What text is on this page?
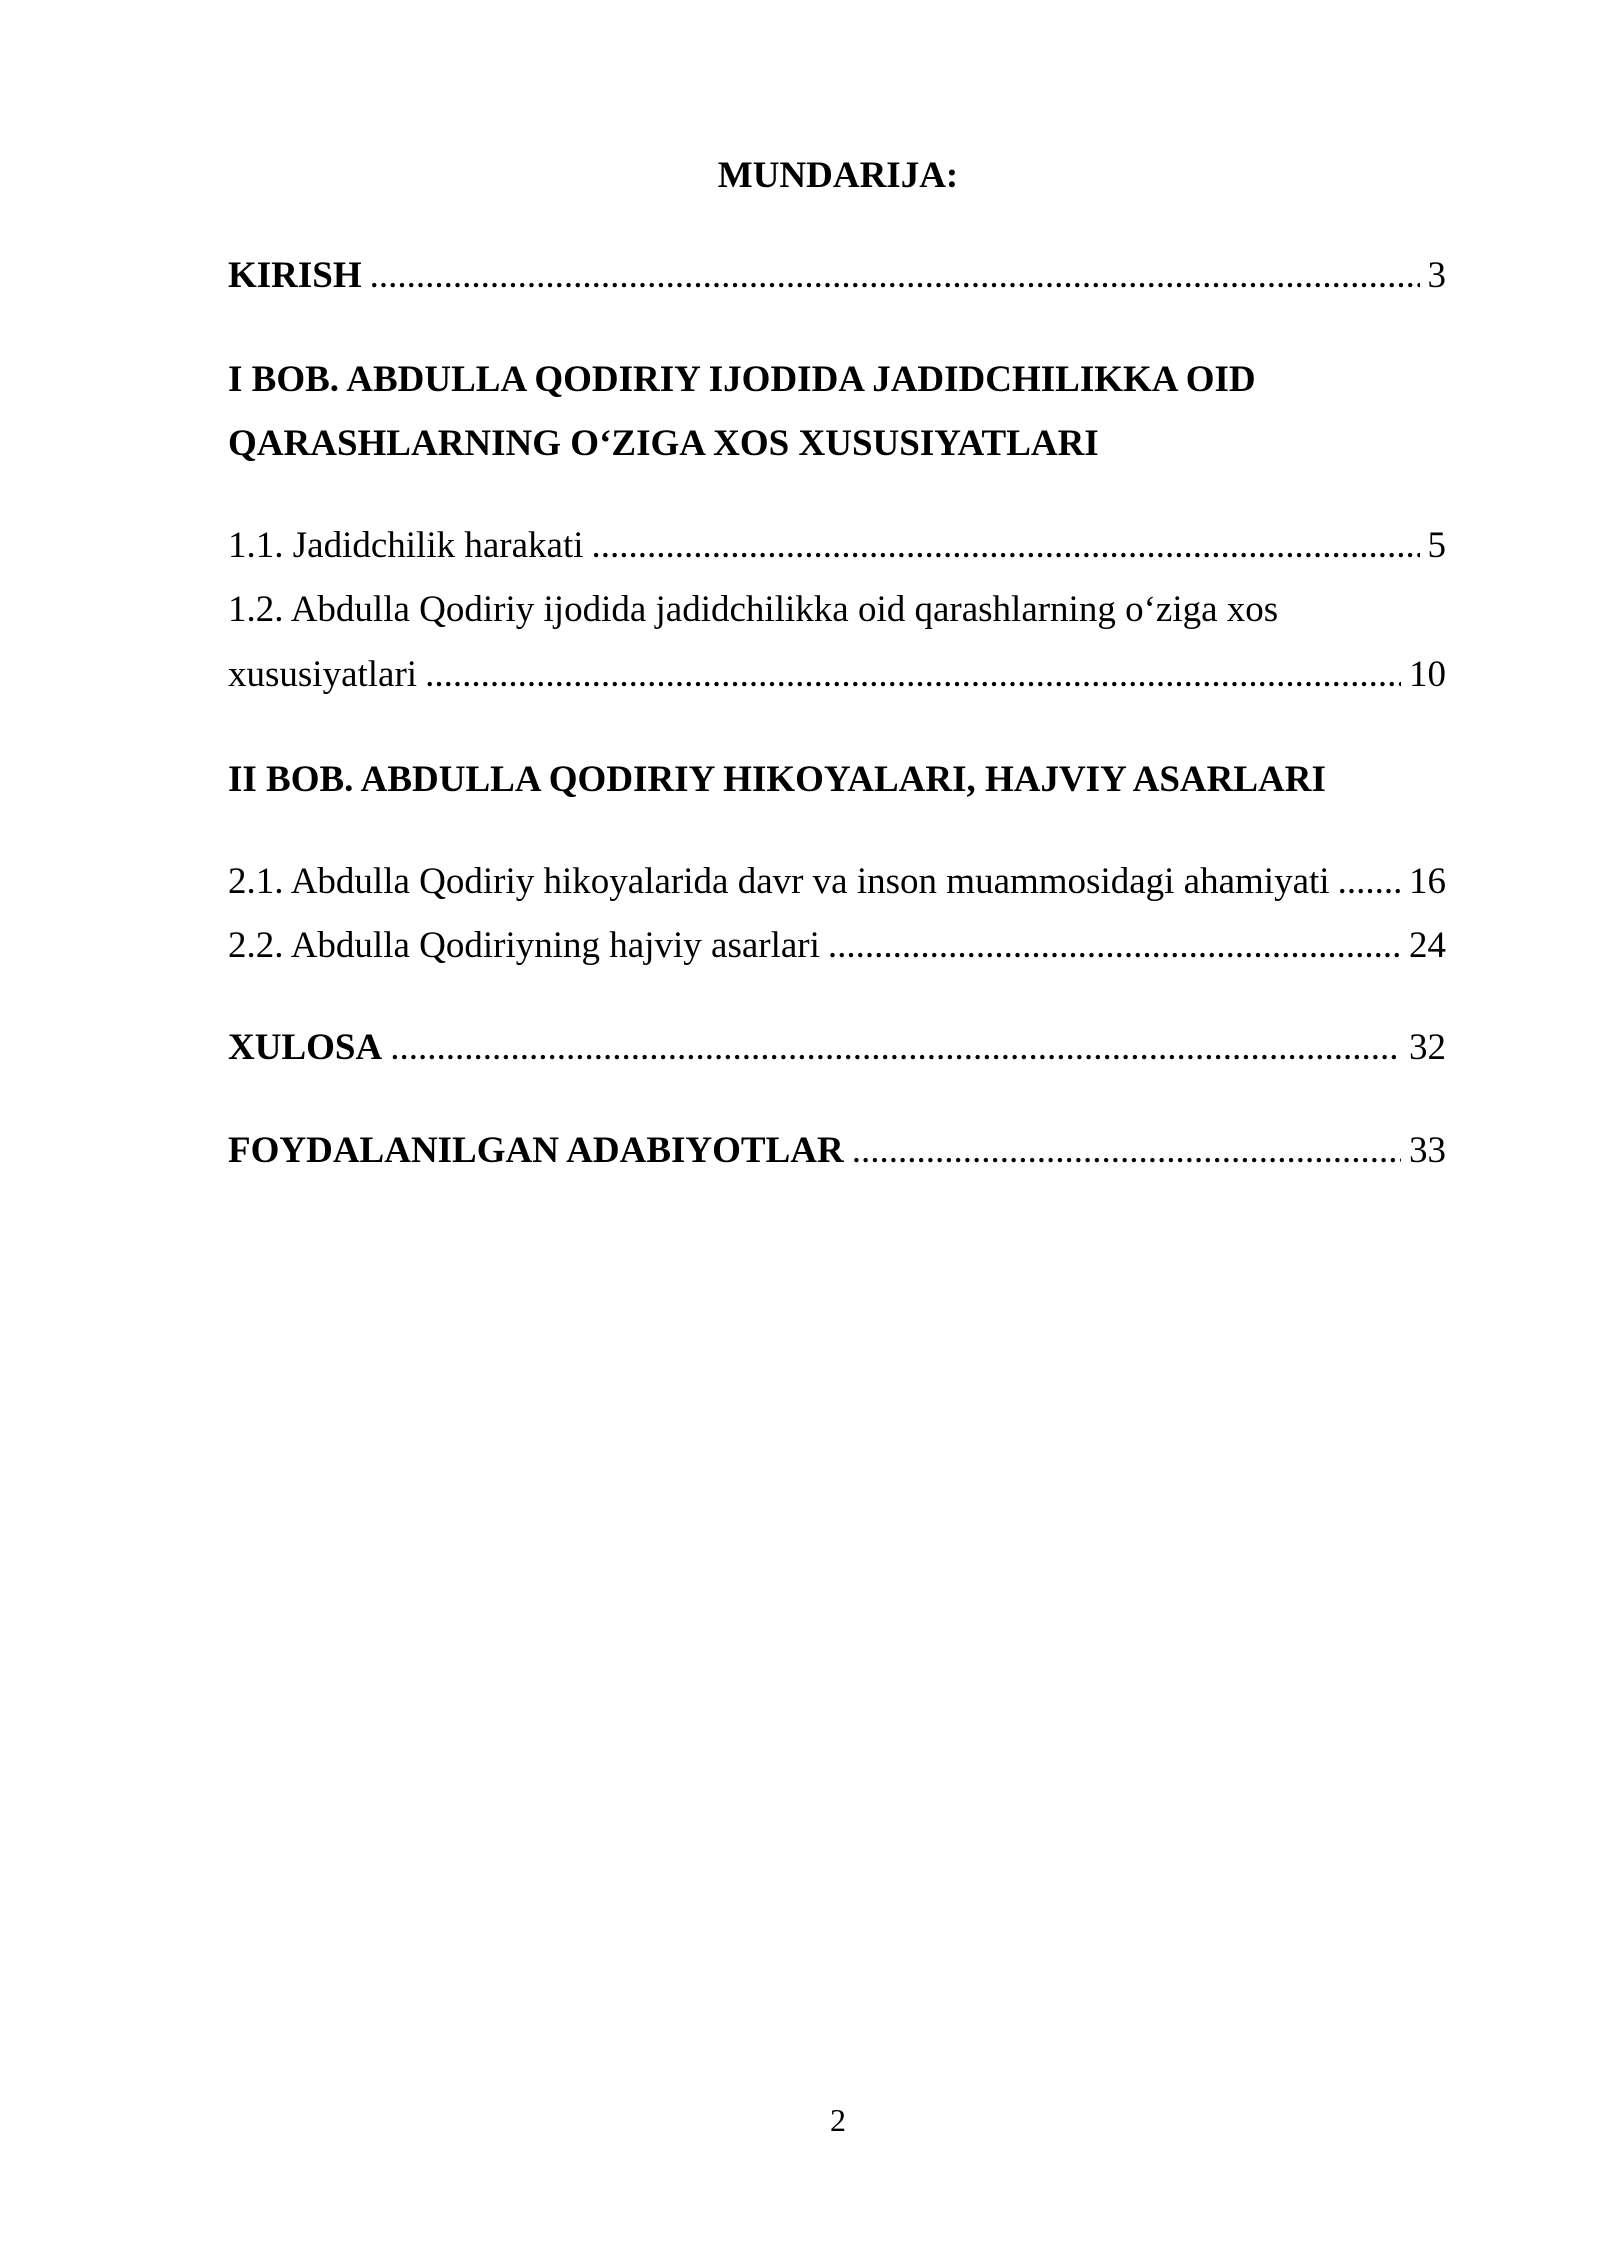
MUNDARIJA:
KIRISH .....	3
I BOB. ABDULLA QODIRIY IJODIDA JADIDCHILIKKA OID
QARASHLARNING O‘ZIGA XOS XUSUSIYATLARI
1.1. Jadidchilik harakati .....	5
1.2. Abdulla Qodiriy ijodida jadidchilikka oid qarashlarning o‘ziga xos
xususiyatlari .....	10
II BOB. ABDULLA QODIRIY HIKOYALARI, HAJVIY ASARLARI
2.1. Abdulla Qodiriy hikoyalarida davr va inson muammosidagi ahamiyati ..... 16
2.2. Abdulla Qodiriyning hajviy asarlari .....	24
XULOSA .....	32
FOYDALANILGAN ADABIYOTLAR .....	33
2
